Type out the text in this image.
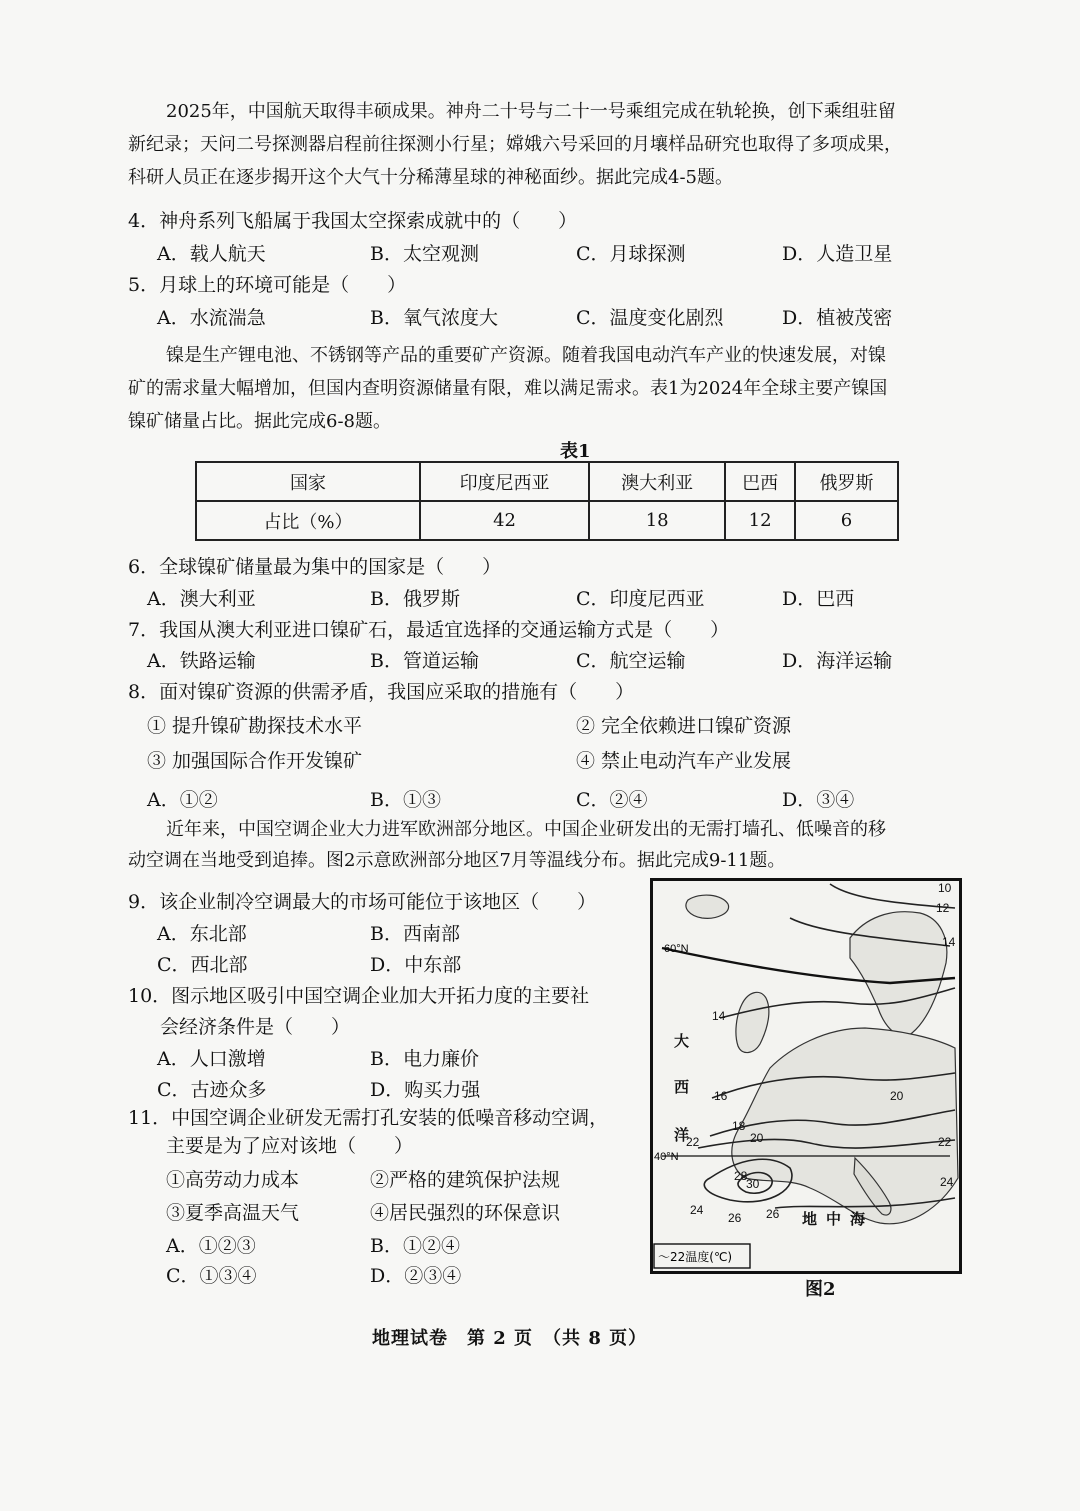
2025年，中国航天取得丰硕成果。神舟二十号与二十一号乘组完成在轨轮换，创下乘组驻留
新纪录；天问二号探测器启程前往探测小行星；嫦娥六号采回的月壤样品研究也取得了多项成果，
科研人员正在逐步揭开这个大气十分稀薄星球的神秘面纱。据此完成4-5题。
4．神舟系列飞船属于我国太空探索成就中的（　　）
A．载人航天	B．太空观测	C．月球探测	D．人造卫星
5．月球上的环境可能是（　　）
A．水流湍急	B．氧气浓度大	C．温度变化剧烈	D．植被茂密
镍是生产锂电池、不锈钢等产品的重要矿产资源。随着我国电动汽车产业的快速发展，对镍
矿的需求量大幅增加，但国内查明资源储量有限，难以满足需求。表1为2024年全球主要产镍国
镍矿储量占比。据此完成6-8题。
表1
国家	印度尼西亚	澳大利亚	巴西	俄罗斯
占比（%）	42	18	12	6
6．全球镍矿储量最为集中的国家是（　　）
A．澳大利亚	B．俄罗斯	C．印度尼西亚	D．巴西
7．我国从澳大利亚进口镍矿石，最适宜选择的交通运输方式是（　　）
A．铁路运输	B．管道运输	C．航空运输	D．海洋运输
8．面对镍矿资源的供需矛盾，我国应采取的措施有（　　）
① 提升镍矿勘探技术水平	② 完全依赖进口镍矿资源
③ 加强国际合作开发镍矿	④ 禁止电动汽车产业发展
A．①②	B．①③	C．②④	D．③④
近年来，中国空调企业大力进军欧洲部分地区。中国企业研发出的无需打墙孔、低噪音的移
动空调在当地受到追捧。图2示意欧洲部分地区7月等温线分布。据此完成9-11题。
9．该企业制冷空调最大的市场可能位于该地区（　　）
A．东北部	B．西南部
C．西北部	D．中东部
10．图示地区吸引中国空调企业加大开拓力度的主要社
会经济条件是（　　）
A．人口激增	B．电力廉价
C．古迹众多	D．购买力强
11．中国空调企业研发无需打孔安装的低噪音移动空调，
主要是为了应对该地（　　）
①高劳动力成本	②严格的建筑保护法规
③夏季高温天气	④居民强烈的环保意识
A．①②③	B．①②④
C．①③④	D．②③④
60°N
40°N
10
12
14
14
16
18
20
20
22	22
24
24
26 26
28
30
大
西
洋
地 中 海
～22温度(℃)
图2
地理试卷　第 2 页　（共 8 页）
